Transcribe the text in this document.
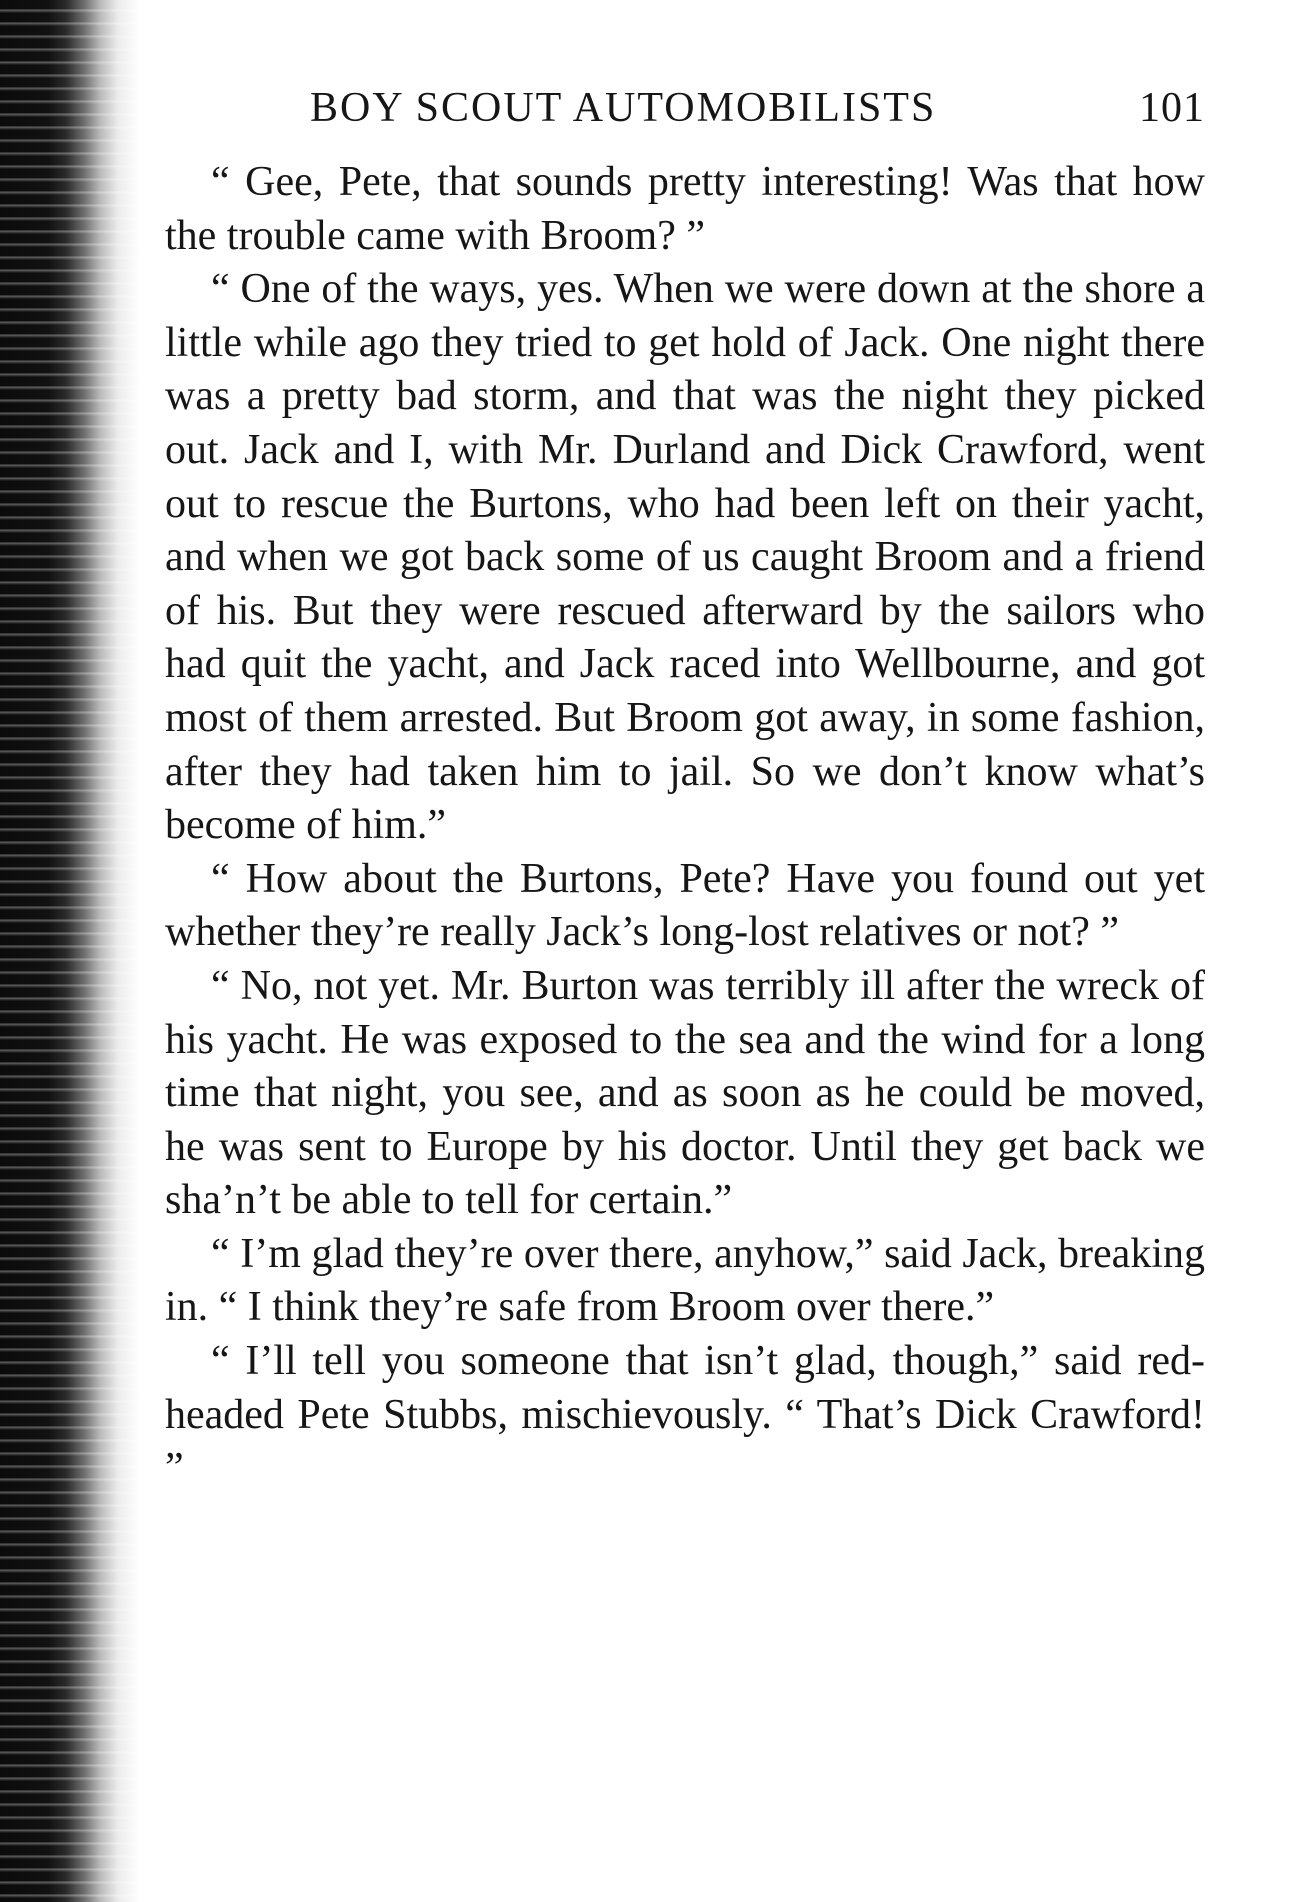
BOY SCOUT AUTOMOBILISTS	101

“ Gee, Pete, that sounds pretty interesting! Was that how the trouble came with Broom? ”

“ One of the ways, yes. When we were down at the shore a little while ago they tried to get hold of Jack. One night there was a pretty bad storm, and that was the night they picked out. Jack and I, with Mr. Durland and Dick Crawford, went out to rescue the Burtons, who had been left on their yacht, and when we got back some of us caught Broom and a friend of his. But they were rescued afterward by the sailors who had quit the yacht, and Jack raced into Wellbourne, and got most of them arrested. But Broom got away, in some fashion, after they had taken him to jail. So we don’t know what’s become of him.”

“ How about the Burtons, Pete? Have you found out yet whether they’re really Jack’s long-lost relatives or not? ”

“ No, not yet. Mr. Burton was terribly ill after the wreck of his yacht. He was exposed to the sea and the wind for a long time that night, you see, and as soon as he could be moved, he was sent to Europe by his doctor. Until they get back we sha’n’t be able to tell for certain.”

“ I’m glad they’re over there, anyhow,” said Jack, breaking in. “ I think they’re safe from Broom over there.”

“ I’ll tell you someone that isn’t glad, though,” said red-headed Pete Stubbs, mischievously. “ That’s Dick Crawford! ”
